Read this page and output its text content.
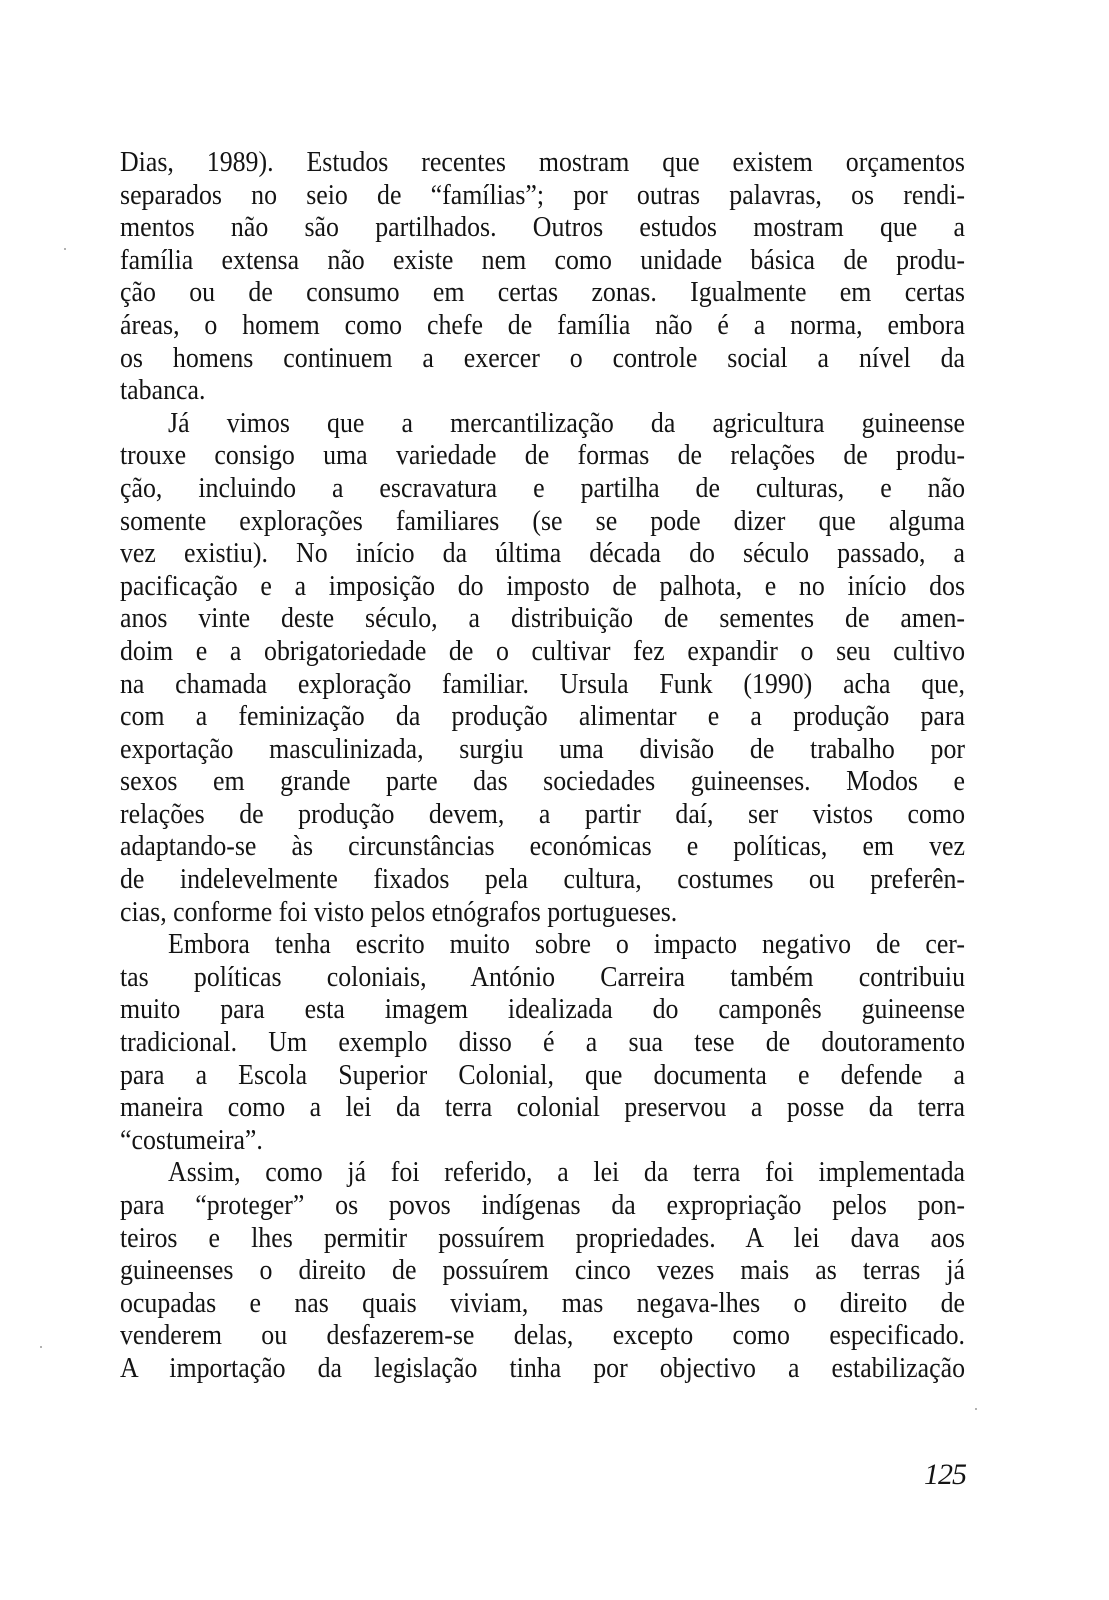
Dias, 1989). Estudos recentes mostram que existem orçamentos
separados no seio de “famílias”; por outras palavras, os rendi-
mentos não são partilhados. Outros estudos mostram que a
família extensa não existe nem como unidade básica de produ-
ção ou de consumo em certas zonas. Igualmente em certas
áreas, o homem como chefe de família não é a norma, embora
os homens continuem a exercer o controle social a nível da
tabanca.
Já vimos que a mercantilização da agricultura guineense
trouxe consigo uma variedade de formas de relações de produ-
ção, incluindo a escravatura e partilha de culturas, e não
somente explorações familiares (se se pode dizer que alguma
vez existiu). No início da última década do século passado, a
pacificação e a imposição do imposto de palhota, e no início dos
anos vinte deste século, a distribuição de sementes de amen-
doim e a obrigatoriedade de o cultivar fez expandir o seu cultivo
na chamada exploração familiar. Ursula Funk (1990) acha que,
com a feminização da produção alimentar e a produção para
exportação masculinizada, surgiu uma divisão de trabalho por
sexos em grande parte das sociedades guineenses. Modos e
relações de produção devem, a partir daí, ser vistos como
adaptando-se às circunstâncias económicas e políticas, em vez
de indelevelmente fixados pela cultura, costumes ou preferên-
cias, conforme foi visto pelos etnógrafos portugueses.
Embora tenha escrito muito sobre o impacto negativo de cer-
tas políticas coloniais, António Carreira também contribuiu
muito para esta imagem idealizada do camponês guineense
tradicional. Um exemplo disso é a sua tese de doutoramento
para a Escola Superior Colonial, que documenta e defende a
maneira como a lei da terra colonial preservou a posse da terra
“costumeira”.
Assim, como já foi referido, a lei da terra foi implementada
para “proteger” os povos indígenas da expropriação pelos pon-
teiros e lhes permitir possuírem propriedades. A lei dava aos
guineenses o direito de possuírem cinco vezes mais as terras já
ocupadas e nas quais viviam, mas negava-lhes o direito de
venderem ou desfazerem-se delas, excepto como especificado.
A importação da legislação tinha por objectivo a estabilização
125
